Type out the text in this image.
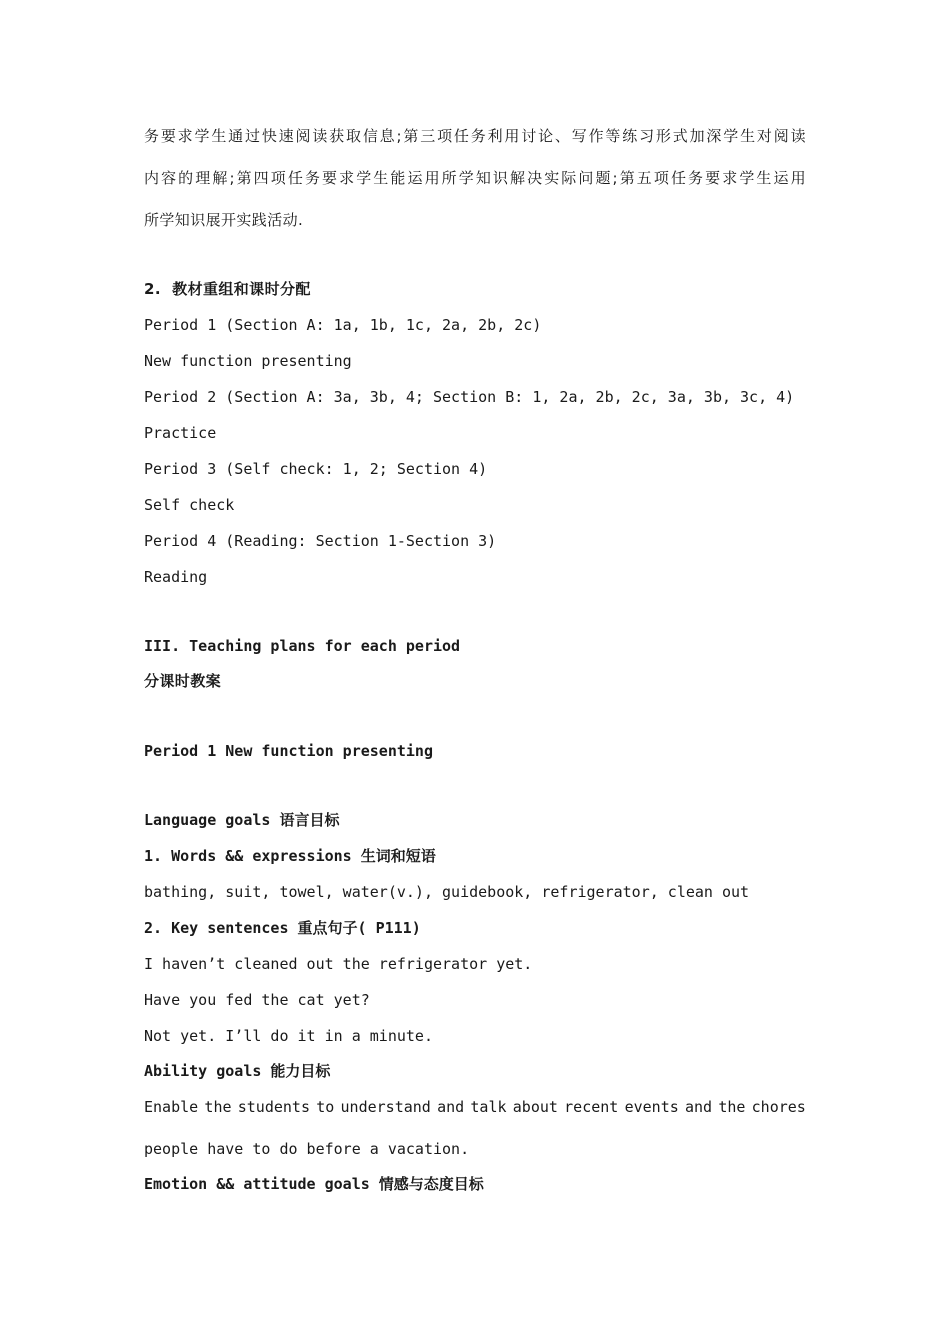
务要求学生通过快速阅读获取信息;第三项任务利用讨论、写作等练习形式加深学生对阅读
内容的理解;第四项任务要求学生能运用所学知识解决实际问题;第五项任务要求学生运用
所学知识展开实践活动.
2.  教材重组和课时分配
Period 1 (Section A: 1a, 1b, 1c, 2a, 2b, 2c)
New function presenting
Period 2 (Section A: 3a, 3b, 4; Section B: 1, 2a, 2b, 2c, 3a, 3b, 3c, 4)
Practice
Period 3 (Self check: 1, 2; Section 4)
Self check
Period 4 (Reading: Section 1-Section 3)
Reading
III. Teaching plans for each period
分课时教案
Period 1 New function presenting
Language goals 语言目标
1. Words && expressions 生词和短语
bathing, suit, towel, water(v.), guidebook, refrigerator, clean out
2. Key sentences 重点句子( P111)
I haven’t cleaned out the refrigerator yet.
Have you fed the cat yet?
Not yet. I’ll do it in a minute.
Ability goals 能力目标
Enable the students to understand and talk about recent events and the chores
people have to do before a vacation.
Emotion && attitude goals 情感与态度目标
